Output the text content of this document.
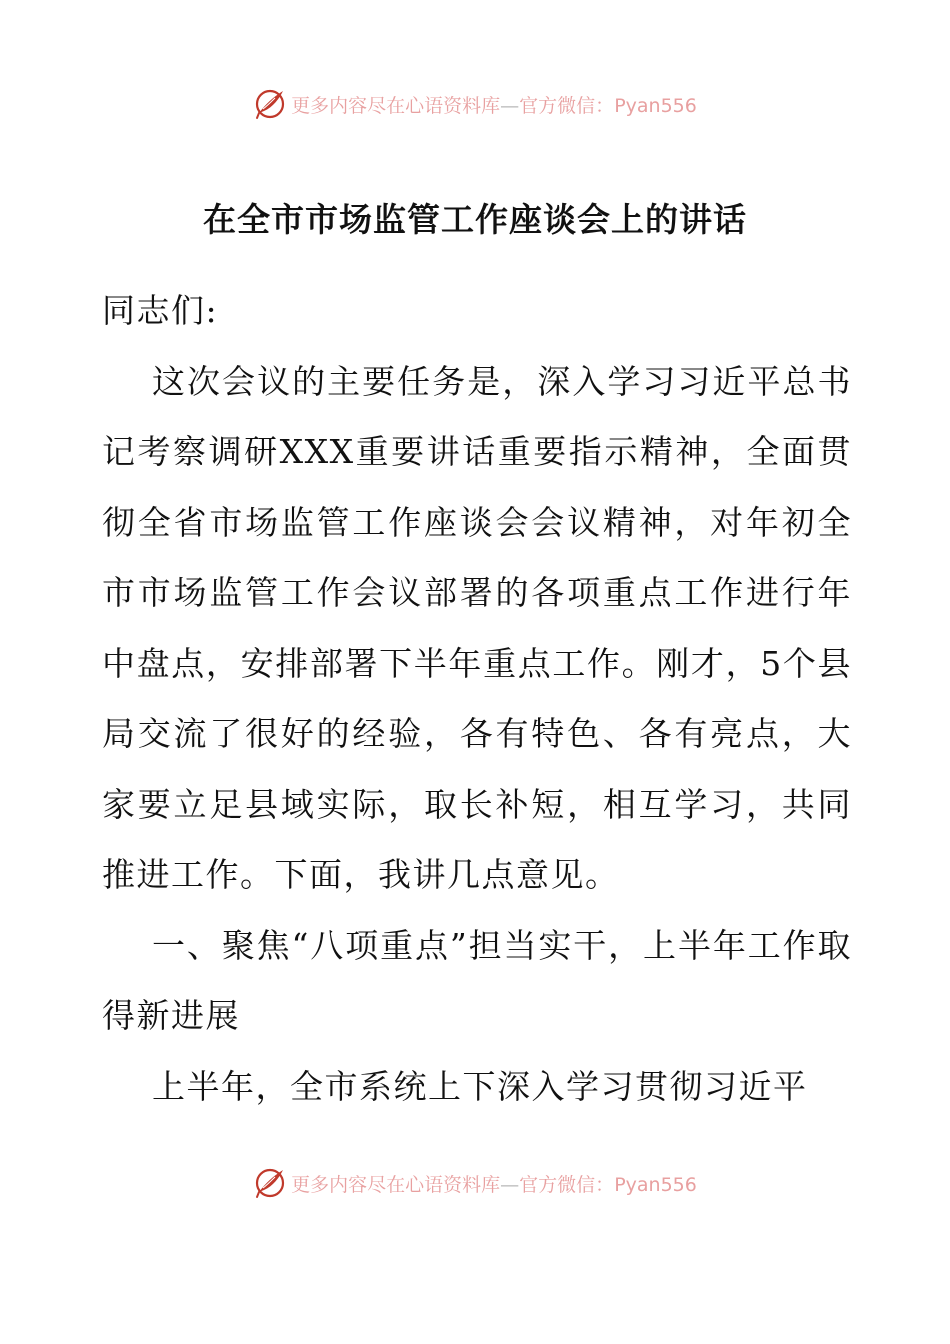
更多内容尽在心语资料库—官方微信：Pyan556
在全市市场监管工作座谈会上的讲话

同志们:

这次会议的主要任务是，深入学习习近平总书记考察调研XXX重要讲话重要指示精神，全面贯彻全省市场监管工作座谈会会议精神，对年初全市市场监管工作会议部署的各项重点工作进行年中盘点，安排部署下半年重点工作。刚才，5个县局交流了很好的经验，各有特色、各有亮点，大家要立足县域实际，取长补短，相互学习，共同推进工作。下面，我讲几点意见。

一、聚焦“八项重点”担当实干，上半年工作取得新进展

上半年，全市系统上下深入学习贯彻习近平

更多内容尽在心语资料库—官方微信：Pyan556
